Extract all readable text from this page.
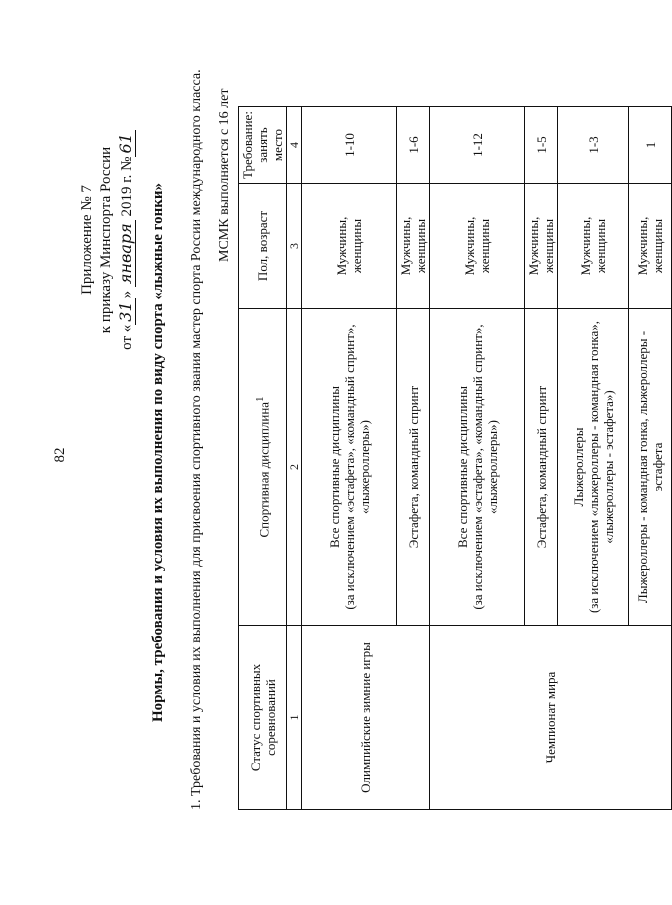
82
Приложение № 7 к приказу Минспорта России
от «31» января 2019 г. №61
Нормы, требования и условия их выполнения по виду спорта «лыжные гонки» 1. Требования и условия их выполнения для присвоения спортивного звания мастер спорта России международного класса. МСМК выполняется с 16 лет
Статус спортивных соревнований	Спортивная дисциплина$^1$	Пол, возраст	Требование: занять место
1	2	3	4
Олимпийские зимние игры	Все спортивные дисциплины
(за исключением «эстафета», «командный спринт»,
«лыжероллеры»)	Мужчины, женщины	1-10
	Эстафета, командный спринт	Мужчины, женщины	1-6
Чемпионат мира	Все спортивные дисциплины
(за исключением «эстафета», «командный спринт»,
«лыжероллеры»)	Мужчины, женщины	1-12
	Эстафета, командный спринт	Мужчины, женщины	1-5
	Лыжероллеры
(за исключением «лыжероллеры - командная гонка»,
«лыжероллеры - эстафета»)	Мужчины, женщины	1-3
	Лыжероллеры - командная гонка, лыжероллеры -
эстафета	Мужчины, женщины	1
